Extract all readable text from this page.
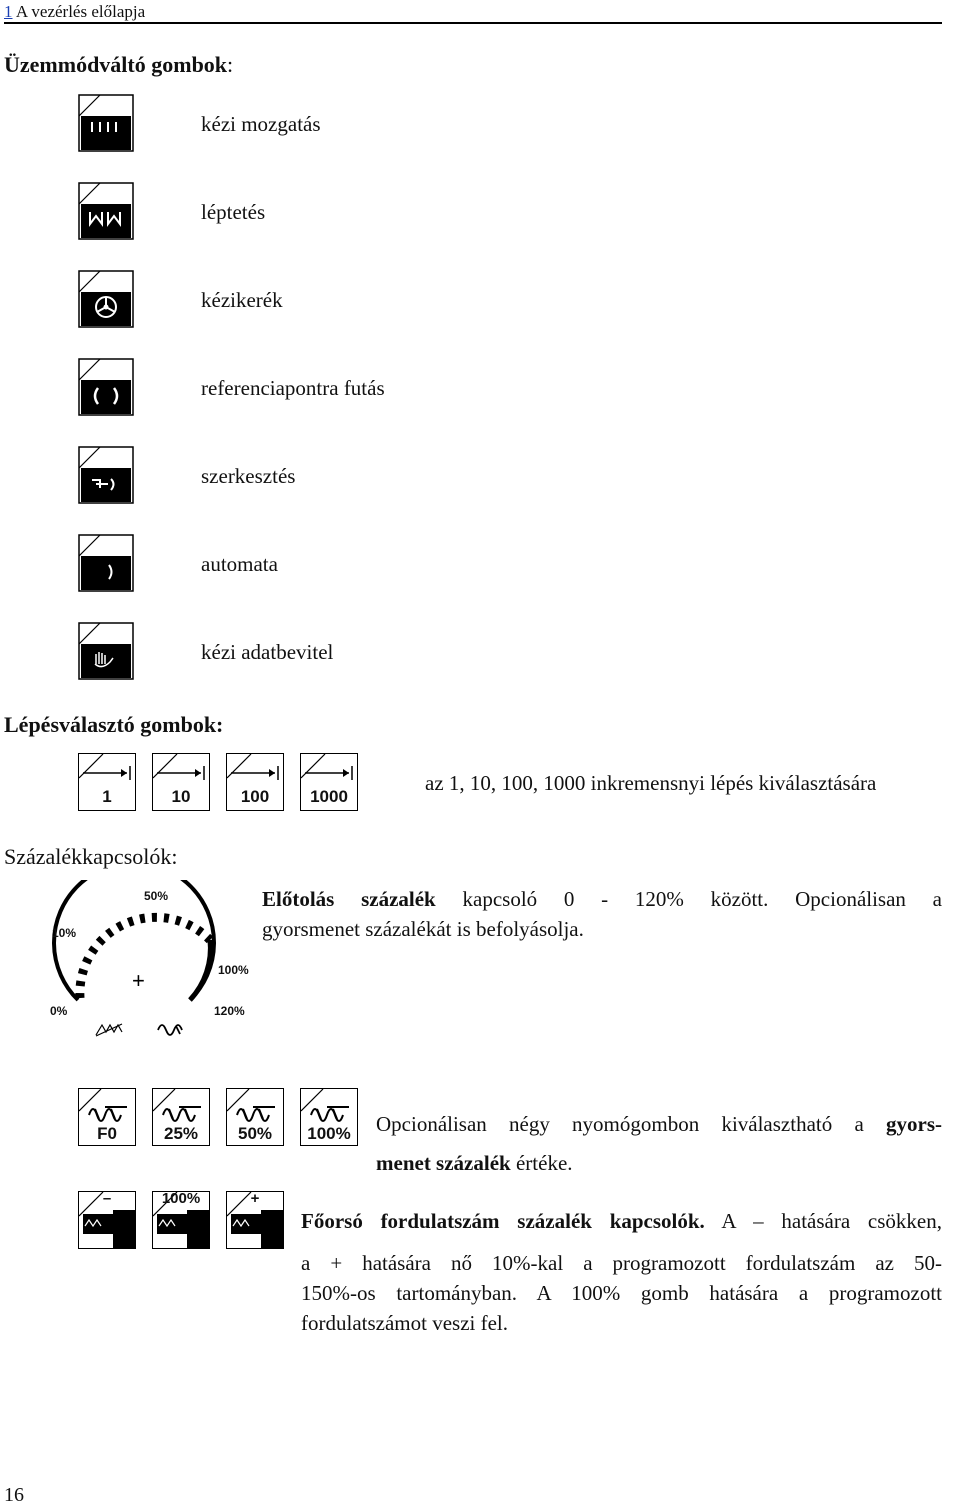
1 A vezérlés előlapja
Üzemmódváltó gombok:
kézi mozgatás
léptetés
kézikerék
referenciapontra futás
szerkesztés
automata
kézi adatbevitel
Lépésválasztó gombok:
1	10	100	1000
az 1, 10, 100, 1000 inkremensnyi lépés kiválasztására
Százalékkapcsolók:
+
50%
10%
100%
0%	120%
Előtolás százalék kapcsoló 0 - 120% között. Opcionálisan a
gyorsmenet százalékát is befolyásolja.
F0	25%	50%	100% Opcionálisan négy nyomógombon kiválasztható a gyors-
menet százalék értéke.
–	100%	+
Főorsó fordulatszám százalék kapcsolók. A – hatására csökken,
a + hatására nő 10%-kal a programozott fordulatszám az 50-
150%-os tartományban. A 100% gomb hatására a programozott
fordulatszámot veszi fel.
16
